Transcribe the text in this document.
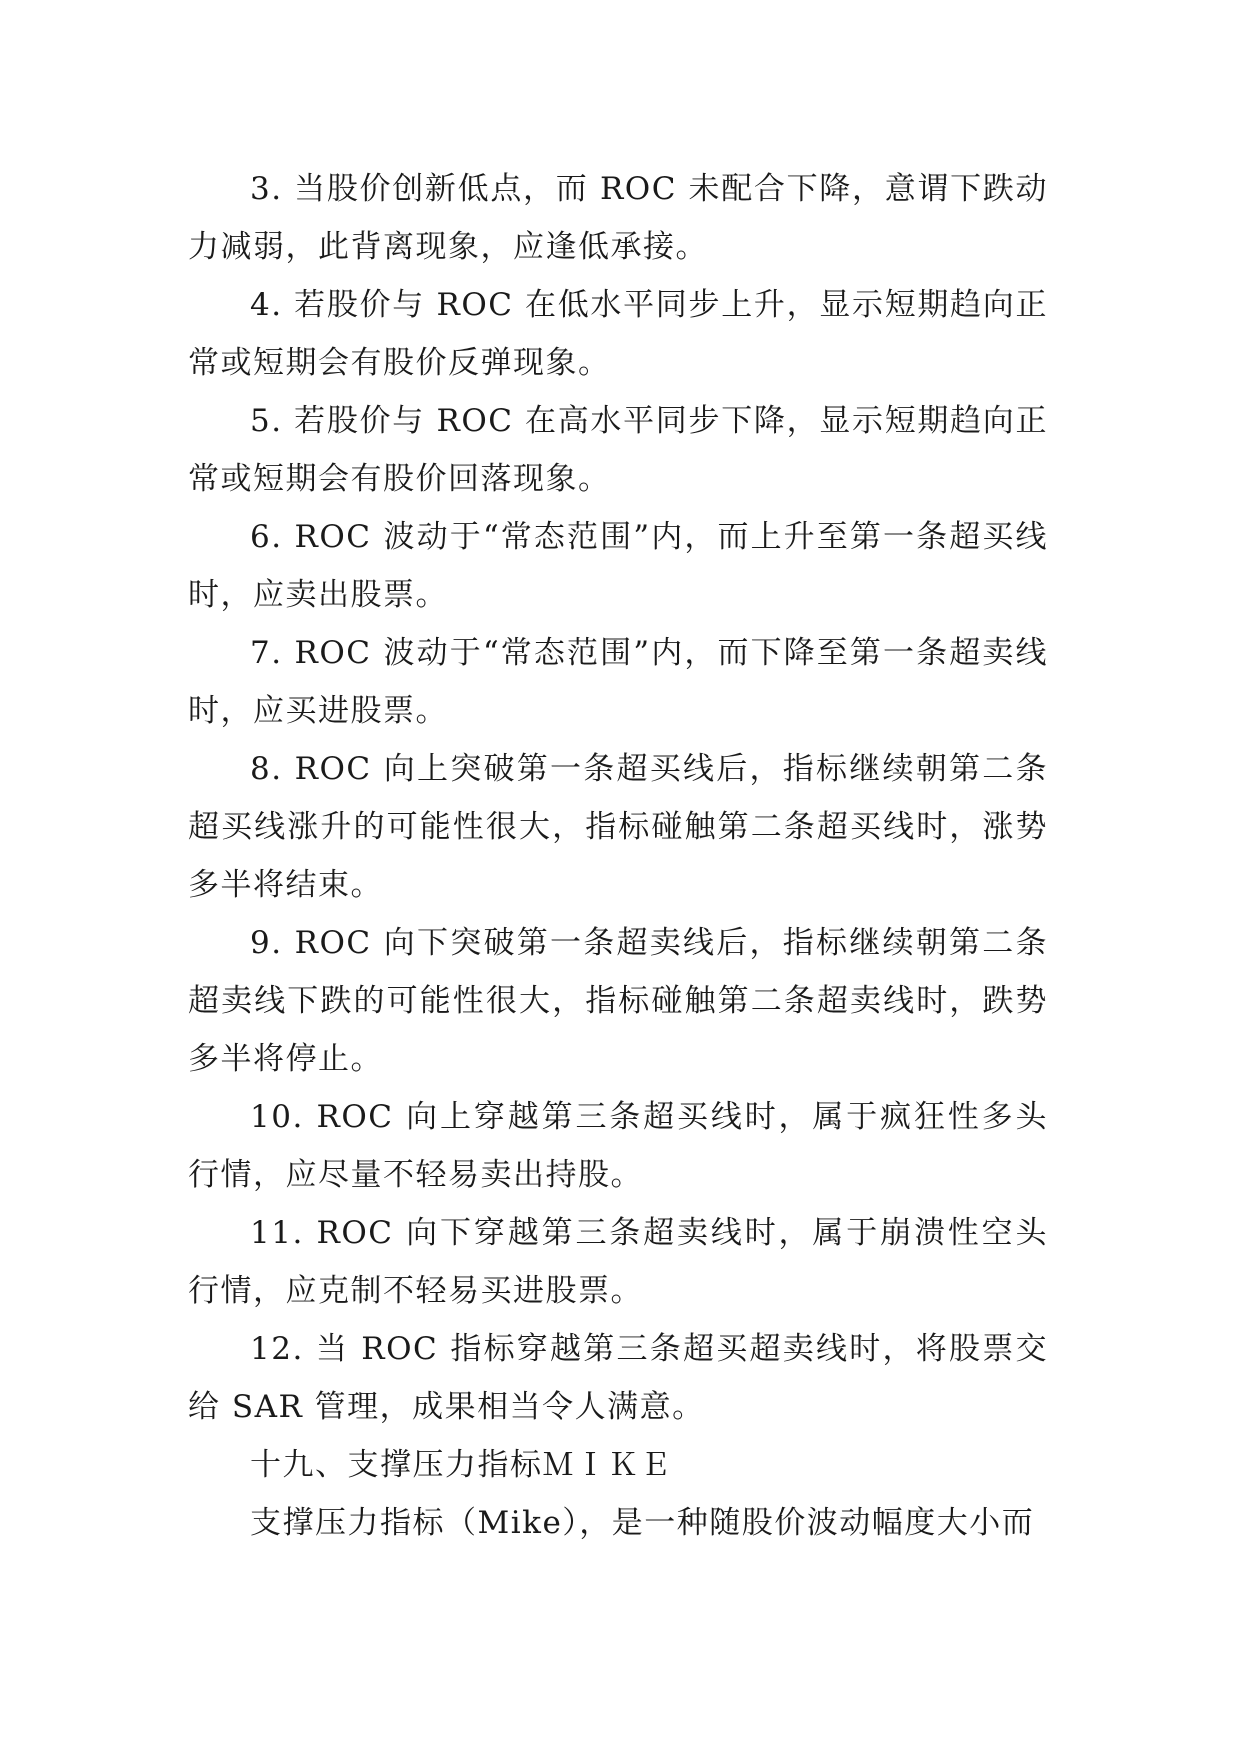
3. 当股价创新低点，而 ROC 未配合下降，意谓下跌动力减弱，此背离现象，应逢低承接。

4. 若股价与 ROC 在低水平同步上升，显示短期趋向正常或短期会有股价反弹现象。

5. 若股价与 ROC 在高水平同步下降，显示短期趋向正常或短期会有股价回落现象。

6. ROC 波动于“常态范围”内，而上升至第一条超买线时，应卖出股票。

7. ROC 波动于“常态范围”内，而下降至第一条超卖线时，应买进股票。

8. ROC 向上突破第一条超买线后，指标继续朝第二条超买线涨升的可能性很大，指标碰触第二条超买线时，涨势多半将结束。

9. ROC 向下突破第一条超卖线后，指标继续朝第二条超卖线下跌的可能性很大，指标碰触第二条超卖线时，跌势多半将停止。

10. ROC 向上穿越第三条超买线时，属于疯狂性多头行情，应尽量不轻易卖出持股。

11. ROC 向下穿越第三条超卖线时，属于崩溃性空头行情，应克制不轻易买进股票。

12. 当 ROC 指标穿越第三条超买超卖线时，将股票交给 SAR 管理，成果相当令人满意。

十九、支撑压力指标ＭＩＫＥ

支撑压力指标（Mike），是一种随股价波动幅度大小而
